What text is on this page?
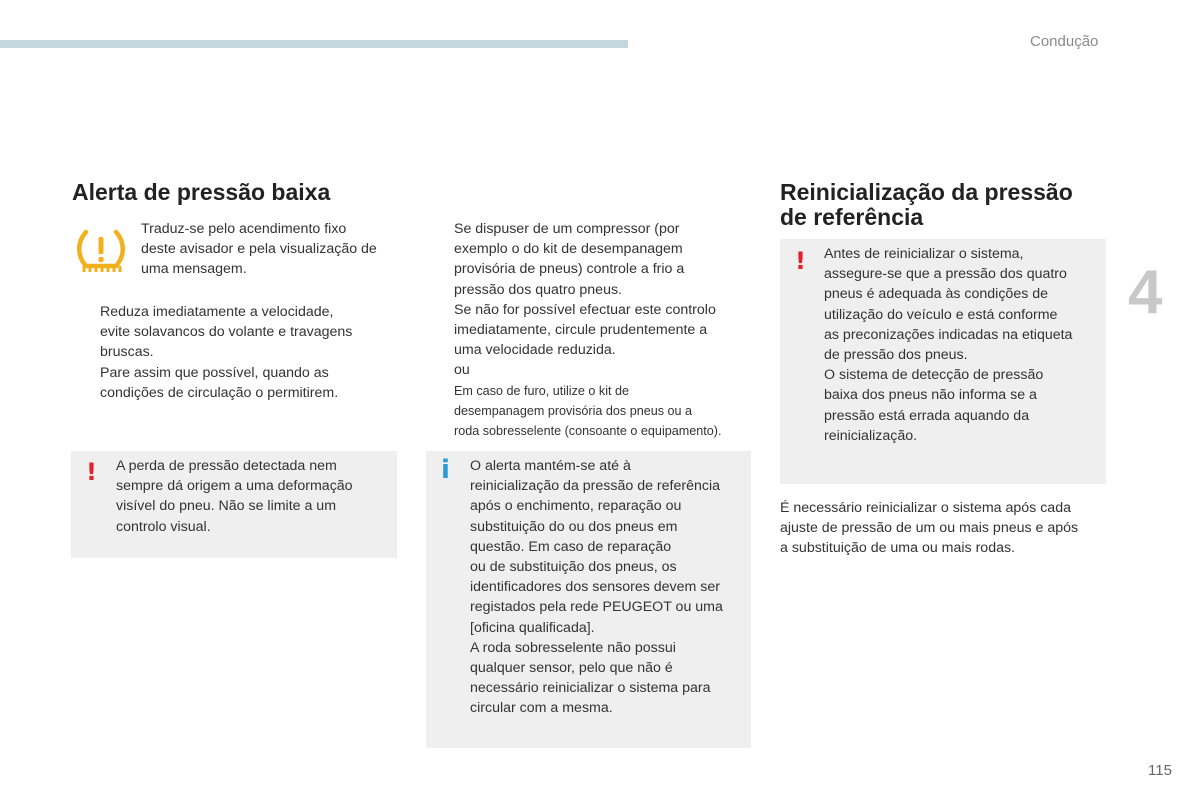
Condução
4
115
Alerta de pressão baixa

Traduz-se pelo acendimento fixo

deste avisador e pela visualização de

uma mensagem.

Reduza imediatamente a velocidade,

evite solavancos do volante e travagens

bruscas.

Pare assim que possível, quando as

condições de circulação o permitirem.

! A perda de pressão detectada nem

sempre dá origem a uma deformação

visível do pneu. Não se limite a um

controlo visual.

Se dispuser de um compressor (por

exemplo o do kit de desempanagem

provisória de pneus) controle a frio a

pressão dos quatro pneus.

Se não for possível efectuar este controlo

imediatamente, circule prudentemente a

uma velocidade reduzida.

ou

Em caso de furo, utilize o kit de

desempanagem provisória dos pneus ou a

roda sobresselente (consoante o equipamento).

i O alerta mantém-se até à

reinicialização da pressão de referência

após o enchimento, reparação ou

substituição do ou dos pneus em

questão. Em caso de reparação

ou de substituição dos pneus, os

identificadores dos sensores devem ser

registados pela rede PEUGEOT ou uma

[oficina qualificada].

A roda sobresselente não possui

qualquer sensor, pelo que não é

necessário reinicializar o sistema para

circular com a mesma.

Reinicialização da pressão
de referência
! Antes de reinicializar o sistema,

assegure-se que a pressão dos quatro

pneus é adequada às condições de

utilização do veículo e está conforme

as preconizações indicadas na etiqueta

de pressão dos pneus.

O sistema de detecção de pressão

baixa dos pneus não informa se a

pressão está errada aquando da

reinicialização.

É necessário reinicializar o sistema após cada

ajuste de pressão de um ou mais pneus e após

a substituição de uma ou mais rodas.
